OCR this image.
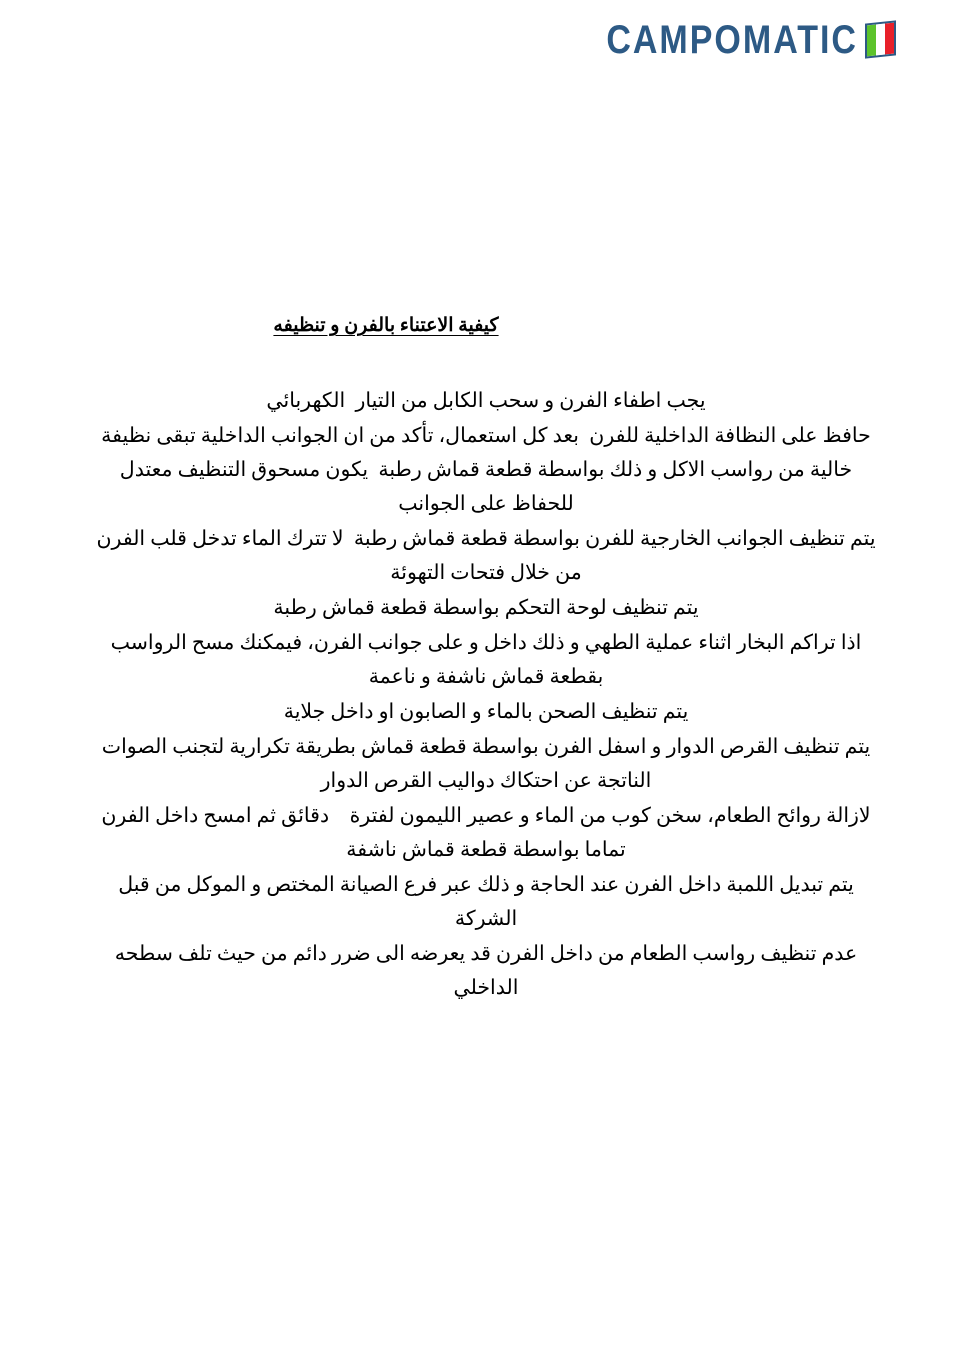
CAMPOMATIC
كيفية الاعتناء بالفرن و تنظيفه

يجب اطفاء الفرن و سحب الكابل من التيار  الكهربائي

حافظ على النظافة الداخلية للفرن  بعد كل استعمال، تأكد من ان الجوانب الداخلية تبقى نظيفة خالية من رواسب الاكل و ذلك بواسطة قطعة قماش رطبة  يكون مسحوق التنظيف معتدل للحفاظ على الجوانب

يتم تنظيف الجوانب الخارجية للفرن بواسطة قطعة قماش رطبة  لا تترك الماء تدخل قلب الفرن من خلال فتحات التهوئة

يتم تنظيف لوحة التحكم بواسطة قطعة قماش رطبة

اذا تراكم البخار اثناء عملية الطهي و ذلك داخل و على جوانب الفرن، فيمكنك مسح الرواسب بقطعة قماش ناشفة و ناعمة

يتم تنظيف الصحن بالماء و الصابون او داخل جلاية

يتم تنظيف القرص الدوار و اسفل الفرن بواسطة قطعة قماش بطريقة تكرارية لتجنب الصوات الناتجة عن احتكاك دواليب القرص الدوار

لازالة روائح الطعام، سخن كوب من الماء و عصير الليمون لفترة    دقائق ثم امسح داخل الفرن تماما بواسطة قطعة قماش ناشفة

يتم تبديل اللمبة داخل الفرن عند الحاجة و ذلك عبر فرع الصيانة المختص و الموكل من قبل الشركة

عدم تنظيف رواسب الطعام من داخل الفرن قد يعرضه الى ضرر دائم من حيث تلف سطحه الداخلي
